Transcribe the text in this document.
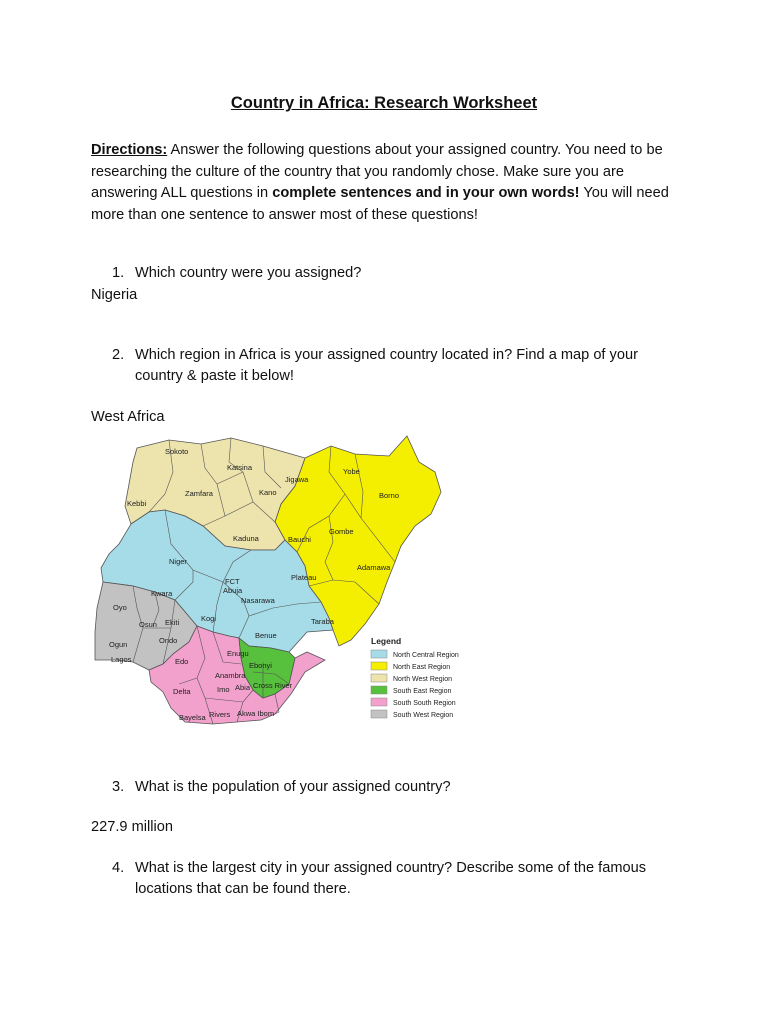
Country in Africa: Research Worksheet
Directions: Answer the following questions about your assigned country. You need to be researching the culture of the country that you randomly chose. Make sure you are answering ALL questions in complete sentences and in your own words! You will need more than one sentence to answer most of these questions!
1. Which country were you assigned?
Nigeria
2. Which region in Africa is your assigned country located in? Find a map of your country & paste it below!
West Africa
Sokoto
Katsina
Kebbi
Zamfara	Kano
Jigawa
Yobe
Borno
Kaduna	Bauchi
Gombe
Niger
FCT
Abuja
Plateau
Adamawa
Oyo
Kwara
Nasarawa
Osun Ekiti	Kogi	Taraba
Ogun	Ondo
Lagos
Benue
Edo
Enugu
Ebonyi
Anambra
Imo Abia Cross River
Delta
Akwa Ibom
Bayelsa Rivers
Legend
North Central Region
North East Region
North West Region
South East Region
South South Region
South West Region
3. What is the population of your assigned country?
227.9 million
4. What is the largest city in your assigned country? Describe some of the famous locations that can be found there.
